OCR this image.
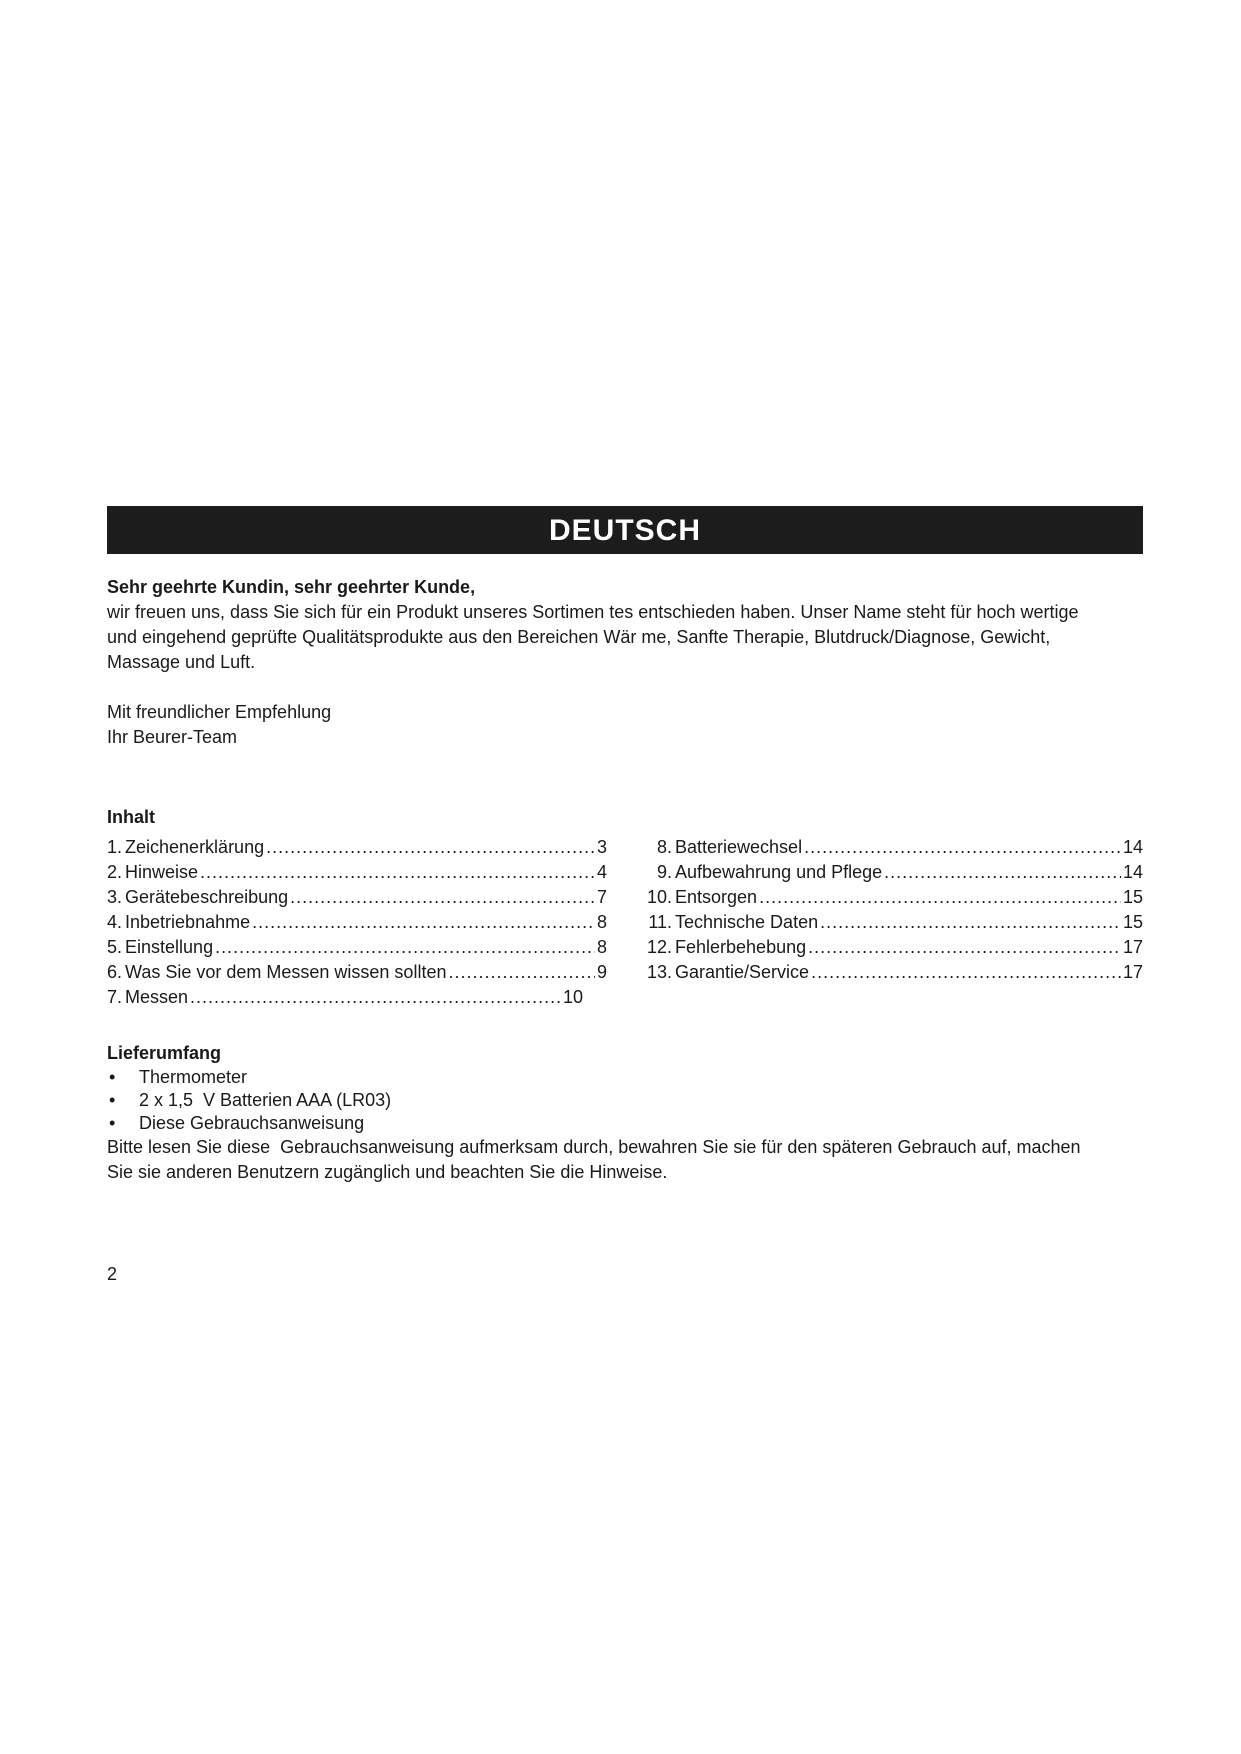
DEUTSCH
Sehr geehrte Kundin, sehr geehrter Kunde,
wir freuen uns, dass Sie sich für ein Produkt unseres Sortimen tes entschieden haben. Unser Name steht für hoch wertige
und eingehend geprüfte Qualitätsprodukte aus den Bereichen Wär me, Sanfte Therapie, Blutdruck/Diagnose, Gewicht,
Massage und Luft.
Mit freundlicher Empfehlung
Ihr Beurer-Team
Inhalt
1. Zeichenerklärung .....	3
2. Hinweise .....	4
3. Gerätebeschreibung .....	7
4. Inbetriebnahme .....	8
5. Einstellung .....	8
6. Was Sie vor dem Messen wissen sollten .....	9
7. Messen .....	10
8. Batteriewechsel .....	14
9. Aufbewahrung und Pflege .....	14
10. Entsorgen .....	15
11. Technische Daten .....	15
12. Fehlerbehebung .....	17
13. Garantie/Service .....	17
Lieferumfang
•	Thermometer
•	2 x 1,5  V Batterien AAA (LR03)
•	Diese Gebrauchsanweisung
Bitte lesen Sie diese  Gebrauchsanweisung aufmerksam durch, bewahren Sie sie für den späteren Gebrauch auf, machen
Sie sie anderen Benutzern zugänglich und beachten Sie die Hinweise.
2
